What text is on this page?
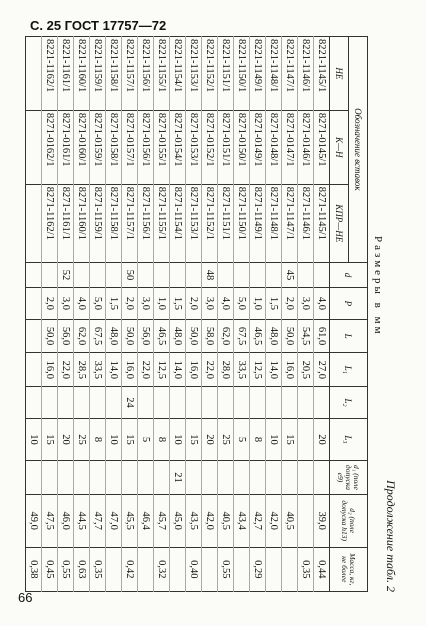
С. 25 ГОСТ 17757—72
Продолжение табл. 2
Размеры в мм
Обозначение вставок			d	P	L	L₁	L₂	L₃	d₁ (поле допуска e9)	d₂ (поле допуска h13)	Масса, кг, не более
НЕ	К—Н	КПР—НЕ									
8221-1145/1	8271-0145/1	8271-1145/1		4,0	61,0	27,0		20		39,0	0,44
8221-1146/1	8271-0146/1	8271-1146/1		3,0	54,5	20,5					0,35
8221-1147/1	8271-0147/1	8271-1147/1	45	2,0	50,0	16,0		15		40,5	
8221-1148/1	8271-0148/1	8271-1148/1		1,5	48,0	14,0		10		42,0	
8221-1149/1	8271-0149/1	8271-1149/1		1,0	46,5	12,5		8		42,7	0,29
8221-1150/1	8271-0150/1	8271-1150/1		5,0	67,5	33,5		5		43,4	
8221-1151/1	8271-0151/1	8271-1151/1		4,0	62,0	28,0		25		40,5	0,55
8221-1152/1	8271-0152/1	8271-1152/1	48	3,0	58,0	22,0		20		42,0	
8221-1153/1	8271-0153/1	8271-1153/1		2,0	50,0	16,0		15		43,5	0,40
8221-1154/1	8271-0154/1	8271-1154/1		1,5	48,0	14,0		10	21	45,0	
8221-1155/1	8271-0155/1	8271-1155/1		1,0	46,5	12,5		8		45,7	0,32
8221-1156/1	8271-0156/1	8271-1156/1		3,0	56,0	22,0		5		46,4	
8221-1157/1	8271-0157/1	8271-1157/1	50	2,0	50,0	16,0	24	15		45,5	0,42
8221-1158/1	8271-0158/1	8271-1158/1		1,5	48,0	14,0		10		47,0	
8221-1159/1	8271-0159/1	8271-1159/1		5,0	67,5	33,5		8		47,7	0,35
8221-1160/1	8271-0160/1	8271-1160/1		4,0	62,0	28,5		25		44,5	0,63
8221-1161/1	8271-0161/1	8271-1161/1	52	3,0	56,0	22,0		20		46,0	0,55
8221-1162/1	8271-0162/1	8271-1162/1		2,0	50,0	16,0		15		47,5	0,45
								10		49,0	0,38
66
